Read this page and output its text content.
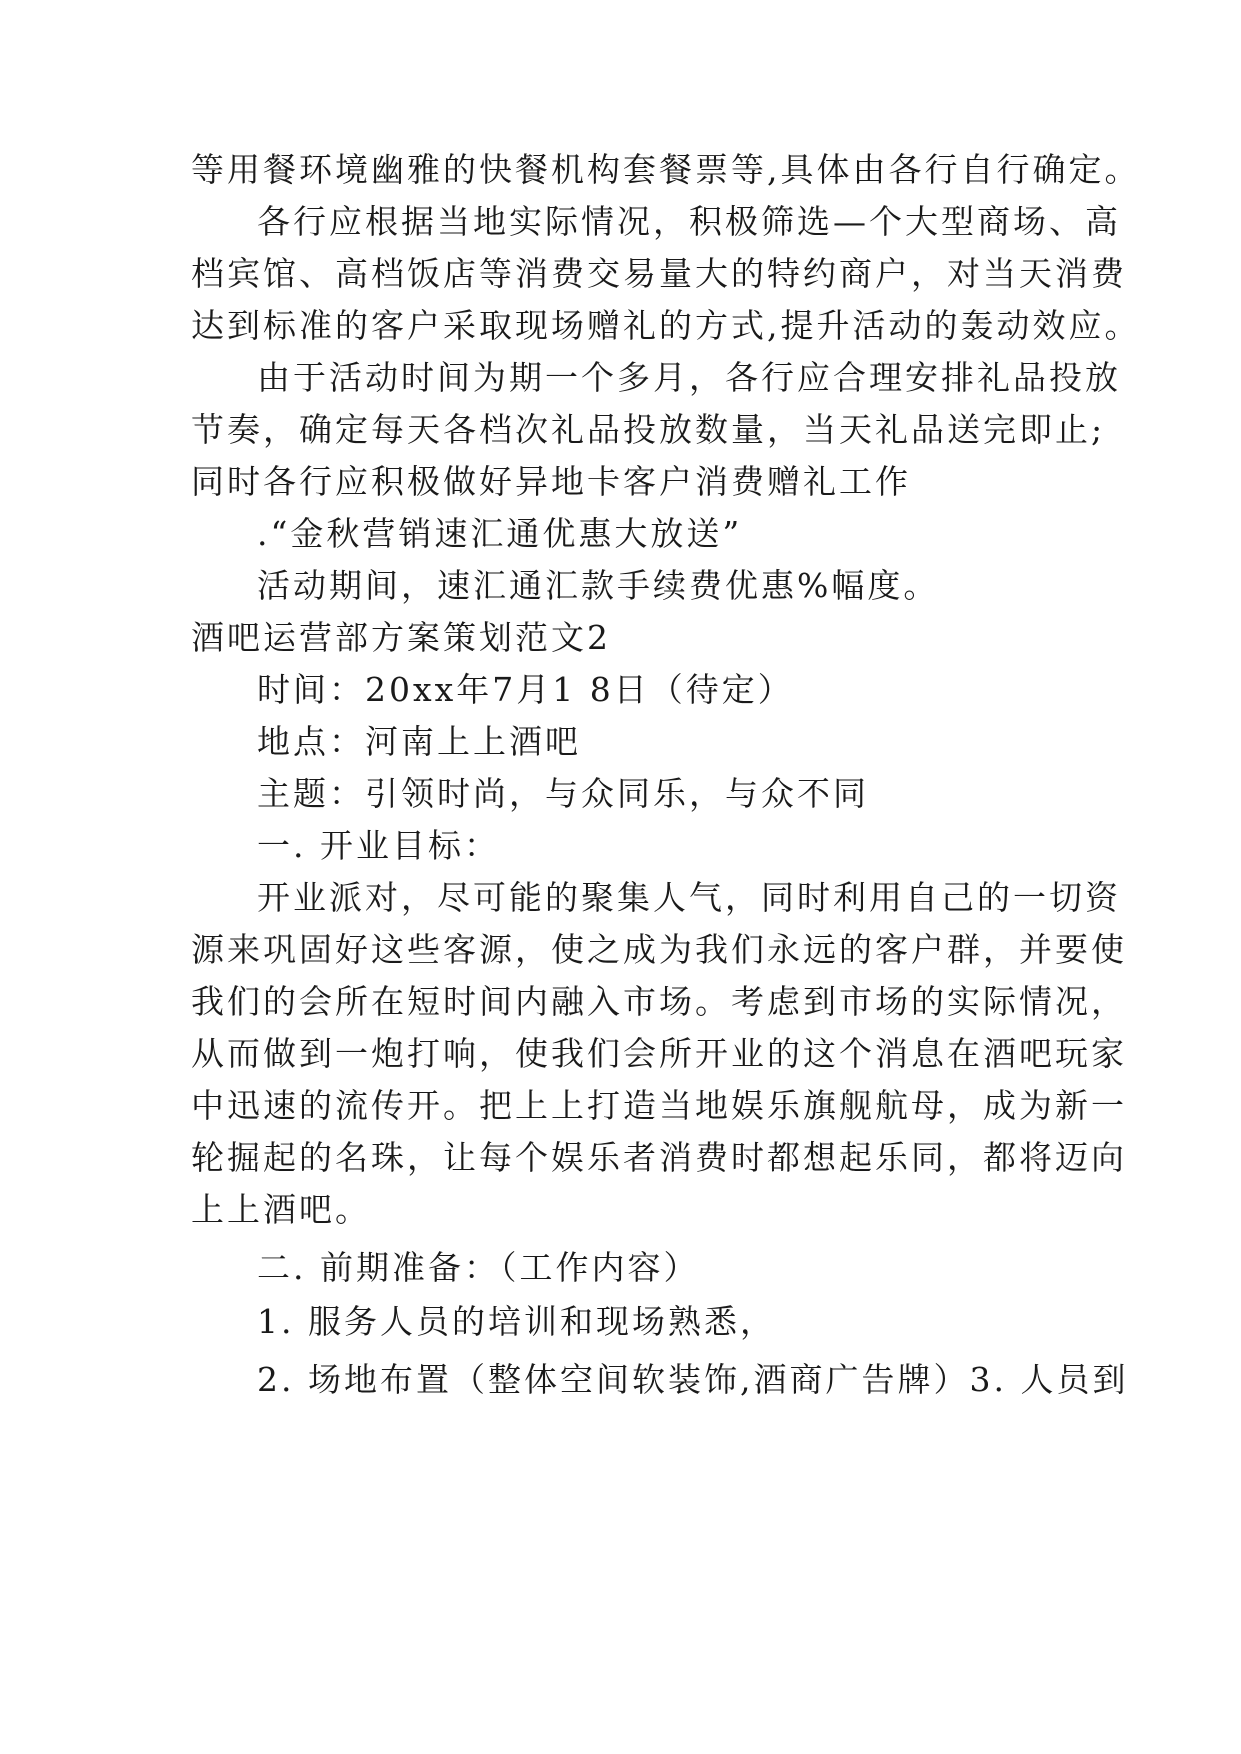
等用餐环境幽雅的快餐机构套餐票等,具体由各行自行确定。
各行应根据当地实际情况，积极筛选—个大型商场、高
档宾馆、高档饭店等消费交易量大的特约商户，对当天消费
达到标准的客户采取现场赠礼的方式,提升活动的轰动效应。
由于活动时间为期一个多月，各行应合理安排礼品投放
节奏，确定每天各档次礼品投放数量，当天礼品送完即止;
同时各行应积极做好异地卡客户消费赠礼工作
.“金秋营销速汇通优惠大放送”
活动期间，速汇通汇款手续费优惠%幅度。
酒吧运营部方案策划范文2
时间：20xx年7月1 8日（待定）
地点：河南上上酒吧
主题：引领时尚，与众同乐，与众不同
一. 开业目标：
开业派对，尽可能的聚集人气，同时利用自己的一切资
源来巩固好这些客源，使之成为我们永远的客户群，并要使
我们的会所在短时间内融入市场。考虑到市场的实际情况，
从而做到一炮打响，使我们会所开业的这个消息在酒吧玩家
中迅速的流传开。把上上打造当地娱乐旗舰航母，成为新一
轮掘起的名珠，让每个娱乐者消费时都想起乐同，都将迈向
上上酒吧。
二. 前期准备：（工作内容）
1. 服务人员的培训和现场熟悉，
2. 场地布置（整体空间软装饰,酒商广告牌）3. 人员到
